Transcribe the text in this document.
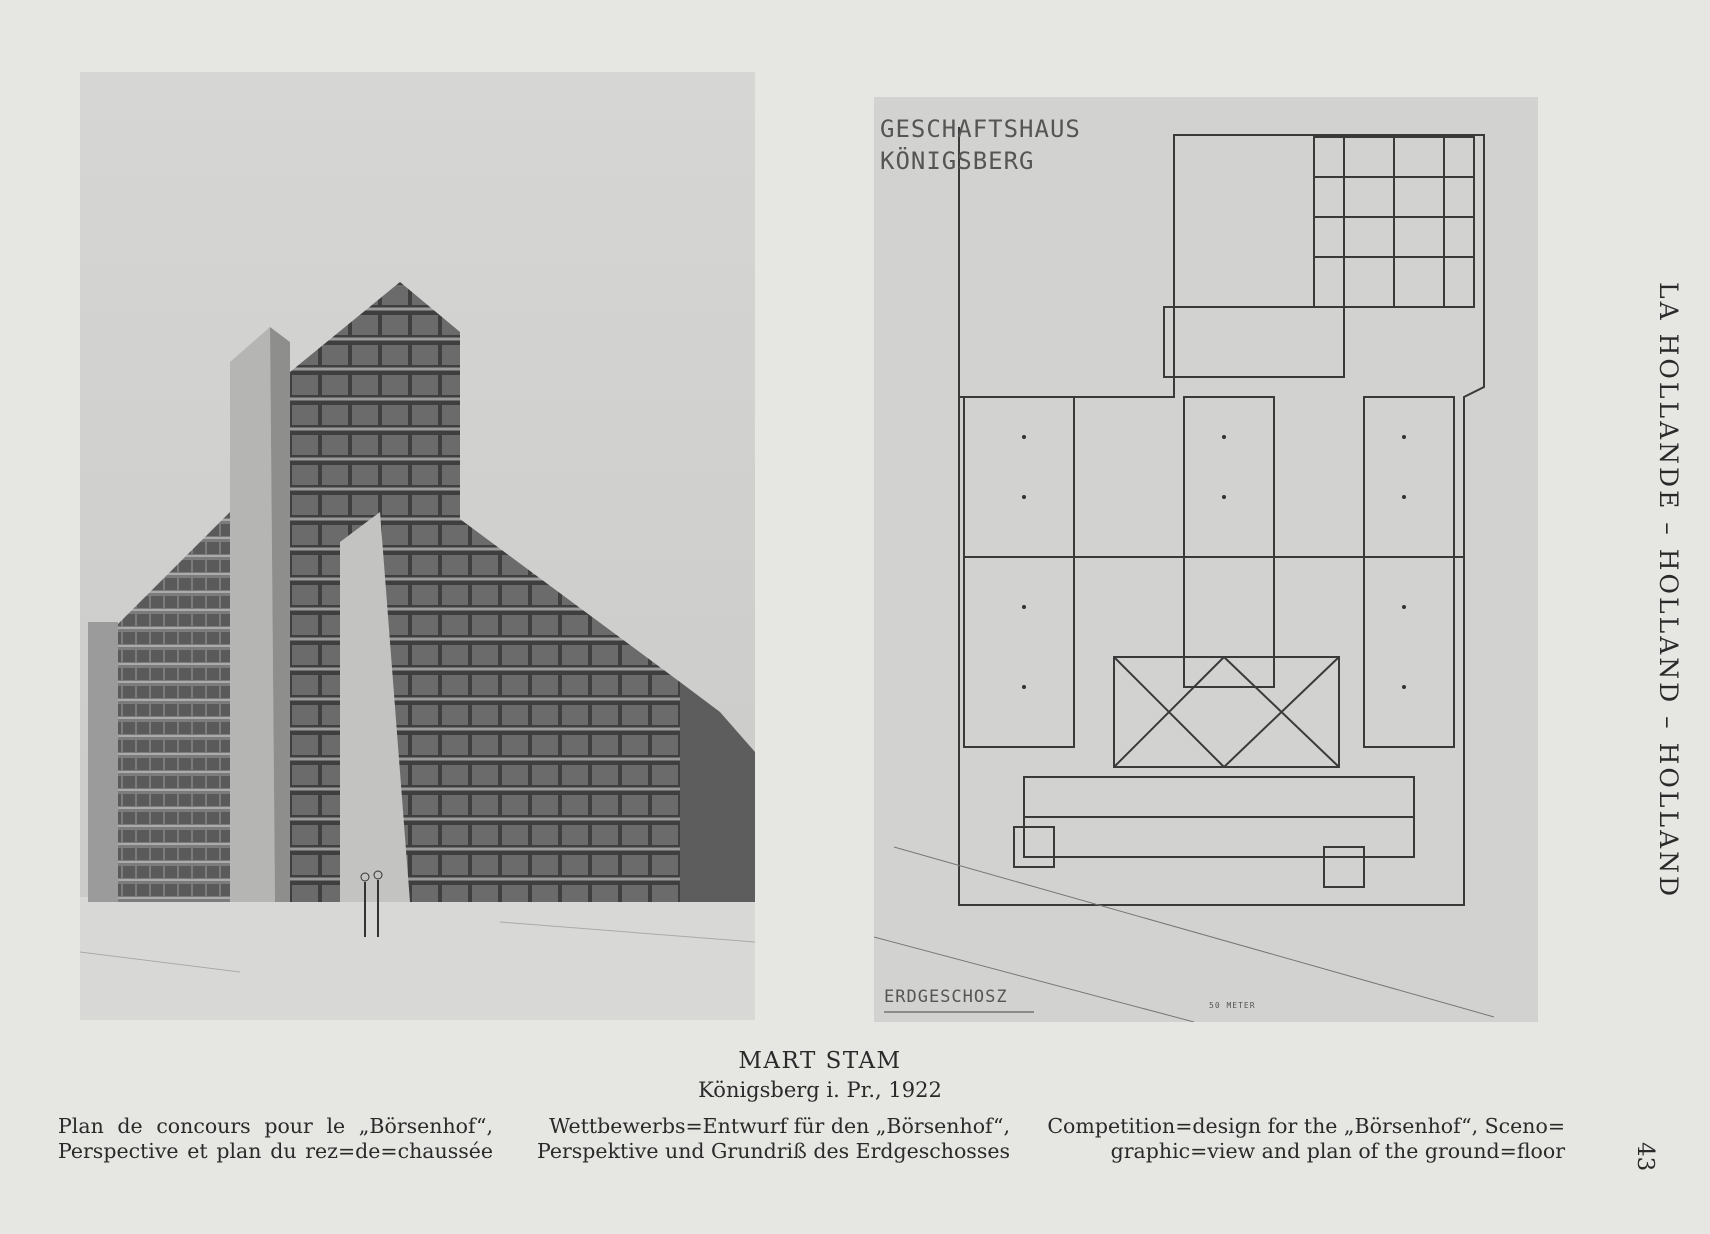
GESCHAFTSHAUS
KÖNIGSBERG
ERDGESCHOSZ	50 METER
MART STAM
Königsberg i. Pr., 1922
Plan de concours pour le „Börsenhof“,
Perspective et plan du rez=de=chaussée
Wettbewerbs=Entwurf für den „Börsenhof“,
Perspektive und Grundriß des Erdgeschosses
Competition=design for the „Börsenhof“, Sceno=
graphic=view and plan of the ground=floor
LA HOLLANDE – HOLLAND – HOLLAND
43
